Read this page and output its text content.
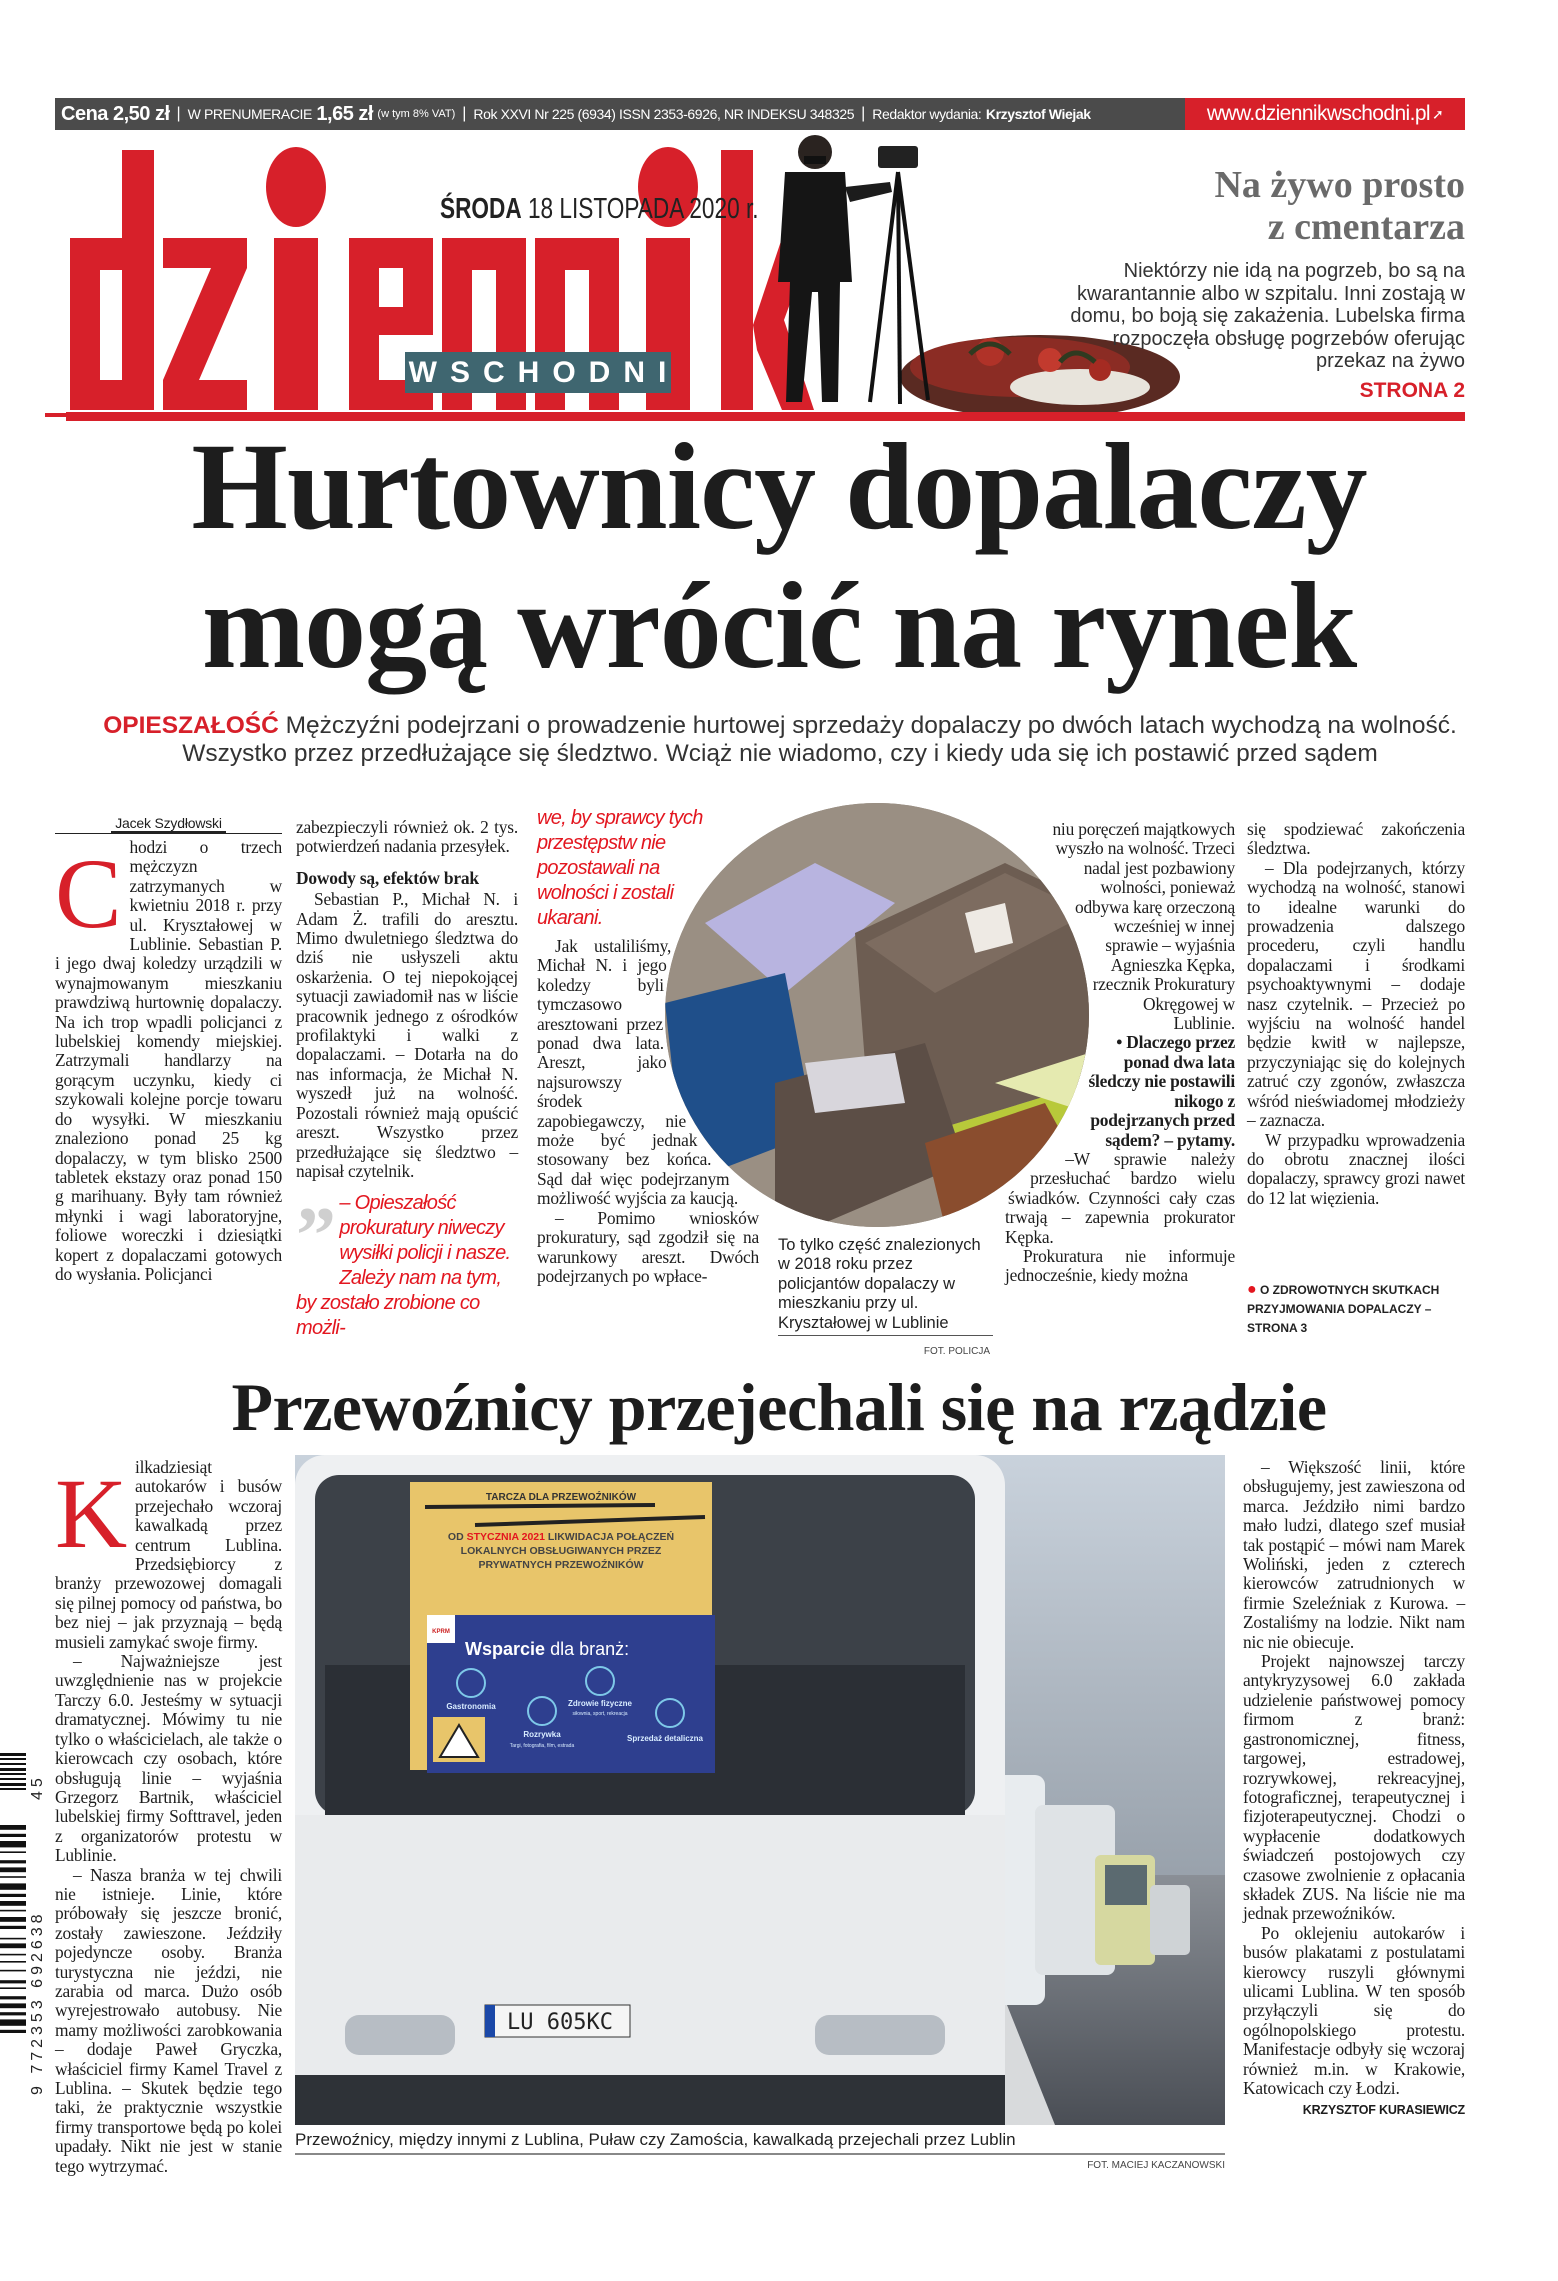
Cena 2,50 zł | W PRENUMERACIE
1,65 zł
(w tym 8% VAT) | Rok XXVI Nr 225 (6934) ISSN 2353-6926, NR INDEKSU 348325 | Redaktor wydania:
Krzysztof Wiejak	www.dziennikwschodni.pl ➚
ŚRODA 18 LISTOPADA 2020 r.
WSCHODNI
Na żywo prosto
z cmentarza

Niektórzy nie idą na pogrzeb, bo są na kwarantannie albo w szpitalu. Inni zostają w domu, bo boją się zakażenia. Lubelska firma rozpoczęła obsługę pogrzebów oferując przekaz na żywo

STRONA 2
Hurtownicy dopalaczy
mogą wrócić na rynek

OPIESZAŁOŚĆ Mężczyźni podejrzani o prowadzenie hurtowej sprzedaży dopalaczy po dwóch latach wychodzą na wolność. Wszystko przez przedłużające się śledztwo. Wciąż nie wiadomo, czy i kiedy uda się ich postawić przed sądem

Jacek Szydłowski

Chodzi o trzech mężczyzn zatrzymanych w kwietniu 2018 r. przy ul. Kryształowej w Lublinie. Sebastian P. i jego dwaj koledzy urządzili w wynajmowanym mieszkaniu prawdziwą hurtownię dopalaczy. Na ich trop wpadli policjanci z lubelskiej komendy miejskiej. Zatrzymali handlarzy na gorącym uczynku, kiedy ci szykowali kolejne porcje towaru do wysyłki. W mieszkaniu znaleziono ponad 25 kg dopalaczy, w tym blisko 2500 tabletek ekstazy oraz ponad 150 g marihuany. Były tam również młynki i wagi laboratoryjne, foliowe woreczki i dziesiątki kopert z dopalaczami gotowych do wysłania. Policjanci

zabezpieczyli również ok. 2 tys. potwierdzeń nadania przesyłek.

Dowody są, efektów brak

Sebastian P., Michał N. i Adam Ż. trafili do aresztu. Mimo dwuletniego śledztwa do dziś nie usłyszeli aktu oskarżenia. O tej niepokojącej sytuacji zawiadomił nas w liście pracownik jednego z ośrodków profilaktyki i walki z dopalaczami. – Dotarła na do nas informacja, że Michał N. wyszedł już na wolność. Pozostali również mają opuścić areszt. Wszystko przez przedłużające się śledztwo – napisał czytelnik.

” – Opieszałość prokuratury niweczy wysiłki policji i nasze. Zależy nam na tym, by zostało zrobione co możli-
we, by sprawcy tych przestępstw nie pozostawali na wolności i zostali ukarani.

Jak ustaliliśmy, Michał N. i jego koledzy byli tymczasowo aresztowani przez ponad dwa lata. Areszt, jako najsurowszy środek zapobiegawczy, nie może być jednak stosowany bez końca. Sąd dał więc podejrzanym możliwość wyjścia za kaucją.

– Pomimo wniosków prokuratury, sąd zgodził się na warunkowy areszt. Dwóch podejrzanych po wpłace-

niu poręczeń majątkowych wyszło na wolność. Trzeci nadal jest pozbawiony wolności, ponieważ odbywa karę orzeczoną wcześniej w innej sprawie – wyjaśnia Agnieszka Kępka, rzecznik Prokuratury Okręgowej w Lublinie.

• Dlaczego przez ponad dwa lata śledczy nie postawili nikogo z podejrzanych przed sądem? – pytamy.

–W sprawie należy przesłuchać bardzo wielu świadków. Czynności cały czas trwają – zapewnia prokurator Kępka.

Prokuratura nie informuje jednocześnie, kiedy można

się spodziewać zakończenia śledztwa.

– Dla podejrzanych, którzy wychodzą na wolność, stanowi to idealne warunki do prowadzenia dalszego procederu, czyli handlu dopalaczami i środkami psychoaktywnymi – dodaje nasz czytelnik. – Przecież po wyjściu na wolność handel będzie kwitł w najlepsze, przyczyniając się do kolejnych zatruć czy zgonów, zwłaszcza wśród nieświadomej młodzieży – zaznacza.

W przypadku wprowadzenia do obrotu znacznej ilości dopalaczy, sprawcy grozi nawet do 12 lat więzienia.

● O ZDROWOTNYCH SKUTKACH PRZYJMOWANIA DOPALACZY – STRONA 3
To tylko część znalezionych w 2018 roku przez policjantów dopalaczy w mieszkaniu przy ul. Kryształowej w Lublinie
FOT. POLICJA
Przewoźnicy przejechali się na rządzie

Kilkadziesiąt autokarów i busów przejechało wczoraj kawalkadą przez centrum Lublina. Przedsiębiorcy z branży przewozowej domagali się pilnej pomocy od państwa, bo bez niej – jak przyznają – będą musieli zamykać swoje firmy.

– Najważniejsze jest uwzględnienie nas w projekcie Tarczy 6.0. Jesteśmy w sytuacji dramatycznej. Mówimy tu nie tylko o właścicielach, ale także o kierowcach czy osobach, które obsługują linie – wyjaśnia Grzegorz Bartnik, właściciel lubelskiej firmy Softtravel, jeden z organizatorów protestu w Lublinie.

– Nasza branża w tej chwili nie istnieje. Linie, które próbowały się jeszcze bronić, zostały zawieszone. Jeździły pojedyncze osoby. Branża turystyczna nie jeździ, nie zarabia od marca. Dużo osób wyrejestrowało autobusy. Nie mamy możliwości zarobkowania – dodaje Paweł Gryczka, właściciel firmy Kamel Travel z Lublina. – Skutek będzie tego taki, że praktycznie wszystkie firmy transportowe będą po kolei upadały. Nikt nie jest w stanie tego wytrzymać.

TARCZA DLA PRZEWOŹNIKÓW
OD STYCZNIA 2021 LIKWIDACJA POŁĄCZEŃ
LOKALNYCH OBSŁUGIWANYCH PRZEZ
PRYWATNYCH PRZEWOŹNIKÓW
KPRM
Wsparcie dla branż:
Gastronomia
Rozrywka
Targi, fotografia, film, estrada
Zdrowie fizyczne
siłownia, sport, rekreacja
Sprzedaż detaliczna
LU 605KC
Przewoźnicy, między innymi z Lublina, Puław czy Zamościa, kawalkadą przejechali przez Lublin
FOT. MACIEJ KACZANOWSKI

– Większość linii, które obsługujemy, jest zawieszona od marca. Jeździło nimi bardzo mało ludzi, dlatego szef musiał tak postąpić – mówi nam Marek Woliński, jeden z czterech kierowców zatrudnionych w firmie Szeleźniak z Kurowa. – Zostaliśmy na lodzie. Nikt nam nic nie obiecuje.

Projekt najnowszej tarczy antykryzysowej 6.0 zakłada udzielenie państwowej pomocy firmom z branż: gastronomicznej, fitness, targowej, estradowej, rozrywkowej, rekreacyjnej, fotograficznej, terapeutycznej i fizjoterapeutycznej. Chodzi o wypłacenie dodatkowych świadczeń postojowych czy czasowe zwolnienie z opłacania składek ZUS. Na liście nie ma jednak przewoźników.

Po oklejeniu autokarów i busów plakatami z postulatami kierowcy ruszyli głównymi ulicami Lublina. W ten sposób przyłączyli się do ogólnopolskiego protestu. Manifestacje odbyły się wczoraj również m.in. w Krakowie, Katowicach czy Łodzi.

KRZYSZTOF KURASIEWICZ
9 772353 692638
45
